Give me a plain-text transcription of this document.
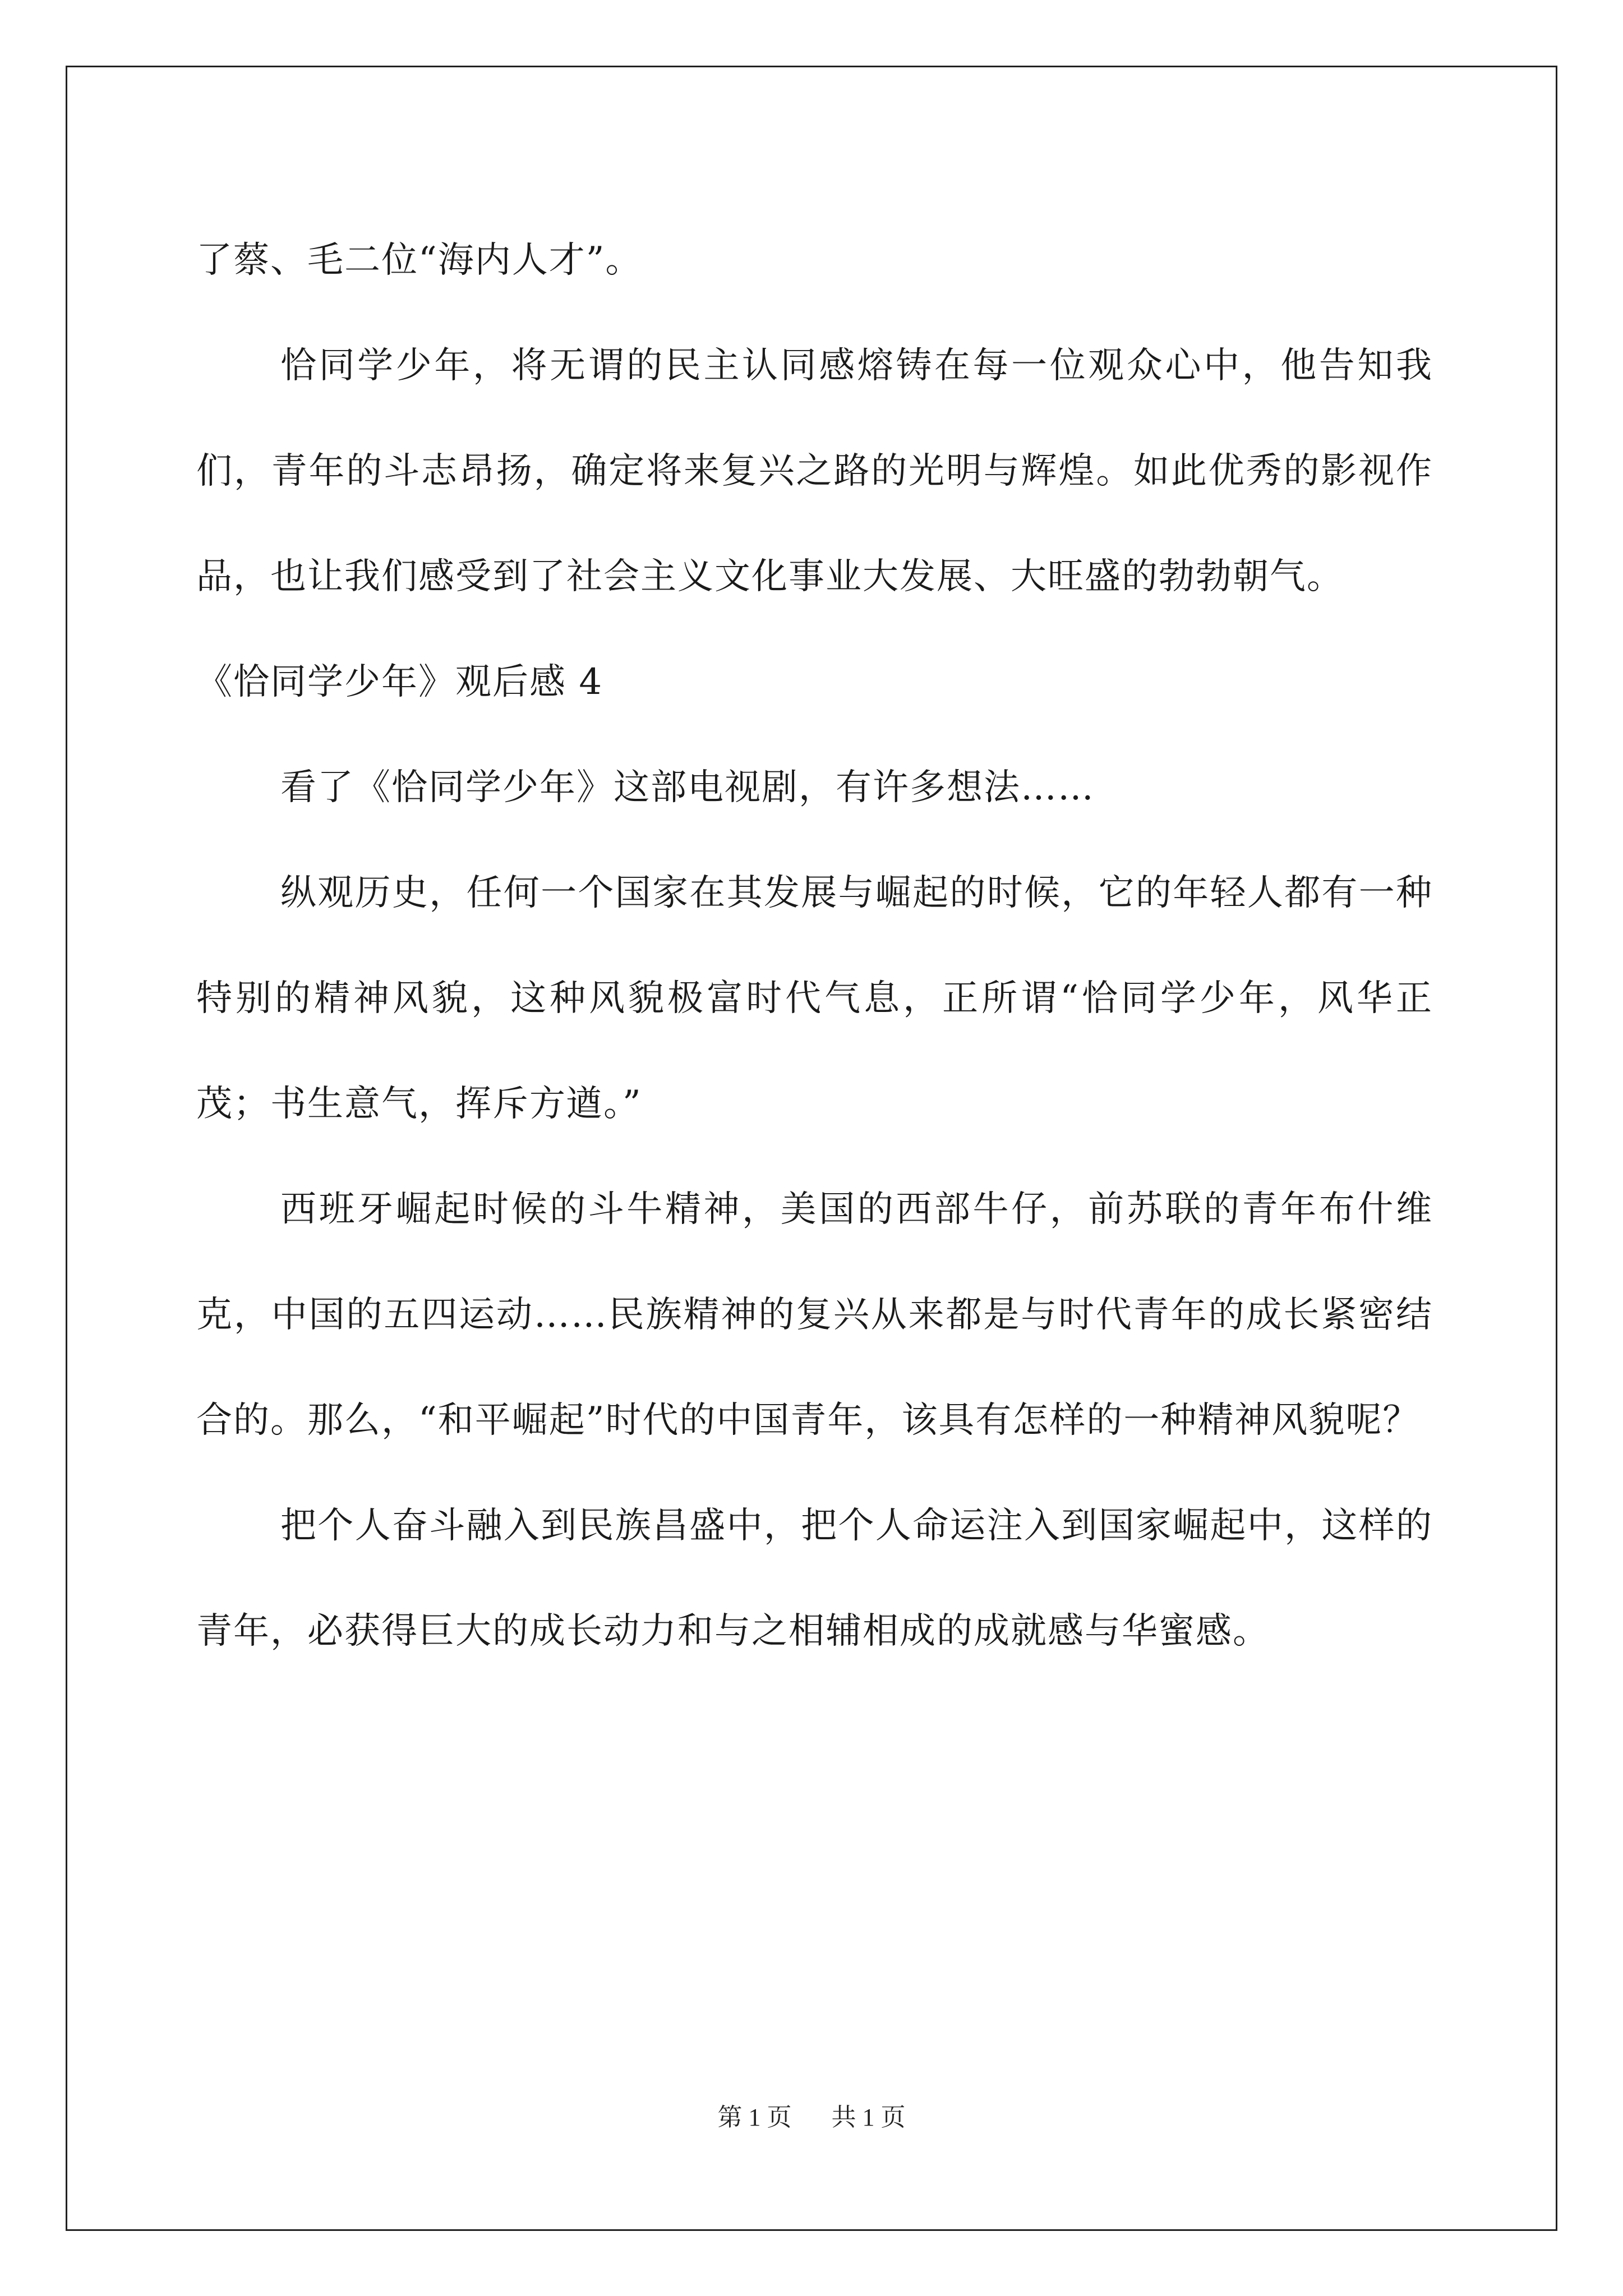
了蔡、毛二位“海内人才”。

恰同学少年，将无谓的民主认同感熔铸在每一位观众心中，他告知我们，青年的斗志昂扬，确定将来复兴之路的光明与辉煌。如此优秀的影视作品，也让我们感受到了社会主义文化事业大发展、大旺盛的勃勃朝气。

《恰同学少年》观后感 4

看了《恰同学少年》这部电视剧，有许多想法……

纵观历史，任何一个国家在其发展与崛起的时候，它的年轻人都有一种特别的精神风貌，这种风貌极富时代气息，正所谓“恰同学少年，风华正茂；书生意气，挥斥方遒。”

西班牙崛起时候的斗牛精神，美国的西部牛仔，前苏联的青年布什维克，中国的五四运动……民族精神的复兴从来都是与时代青年的成长紧密结合的。那么，“和平崛起”时代的中国青年，该具有怎样的一种精神风貌呢？

把个人奋斗融入到民族昌盛中，把个人命运注入到国家崛起中，这样的青年，必获得巨大的成长动力和与之相辅相成的成就感与华蜜感。

第 1 页 共 1 页
